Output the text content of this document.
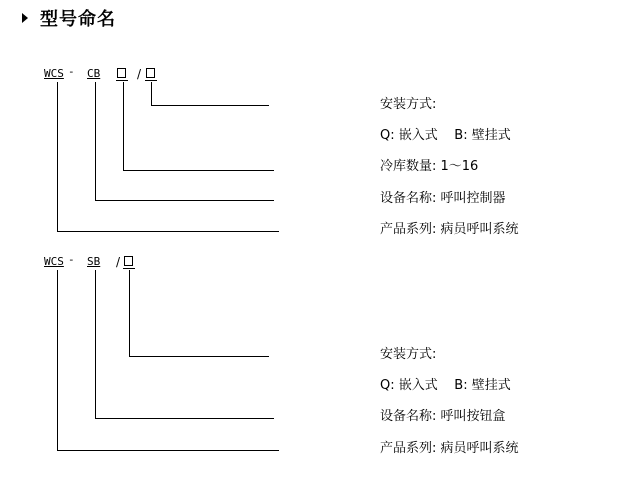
型号命名
WCS - CB	/
安装方式:
Q: 嵌入式    B: 壁挂式
冷库数量: 1～16
设备名称: 呼叫控制器
产品系列: 病员呼叫系统
WCS - SB /
安装方式:
Q: 嵌入式    B: 壁挂式
设备名称: 呼叫按钮盒
产品系列: 病员呼叫系统
